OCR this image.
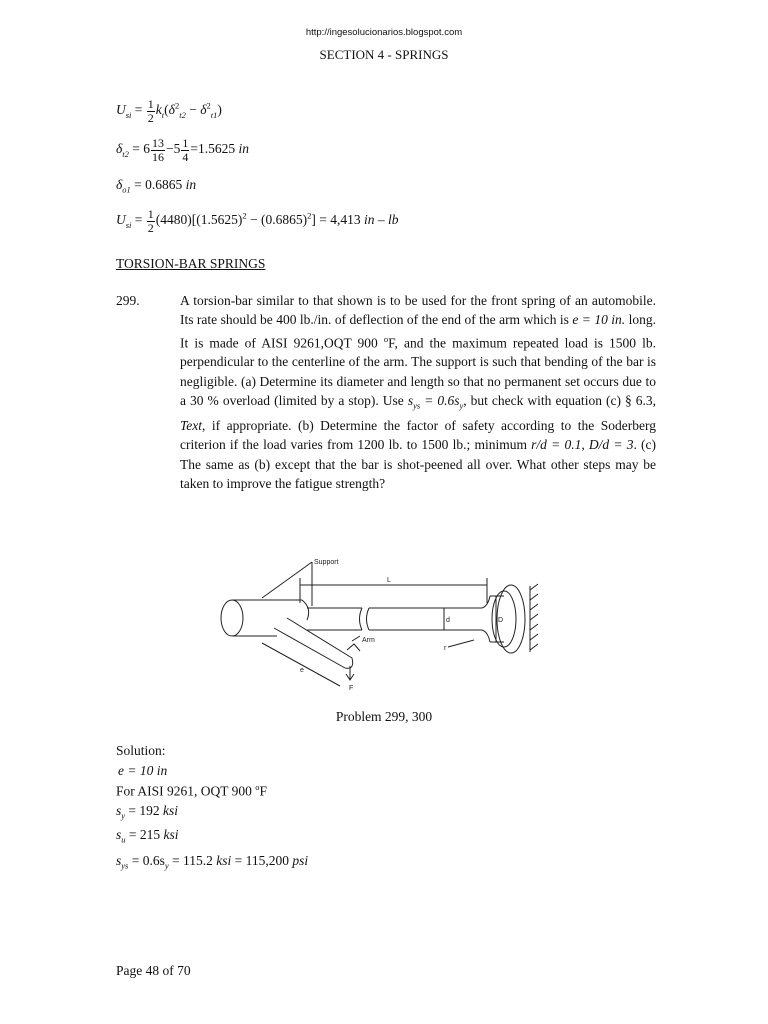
http://ingesolucionarios.blogspot.com
SECTION 4 - SPRINGS
$U_{si} = \frac{1}{2} k_t(\delta^2_{t2} - \delta^2_{t1})$
$\delta_{t2} = 6 \frac{13}{16} -5 \frac{1}{4} =1.5625$ in
$\delta_{o1} = 0.6865$ in
$U_{si} = \frac{1}{2} (4480)[(1.5625)^2 - (0.6865)^2] = 4,413$ in – lb
TORSION-BAR SPRINGS
299.	A torsion-bar similar to that shown is to be used for the front spring of an automobile. Its rate should be 400 lb./in. of deflection of the end of the arm which is e = 10 in. long. It is made of AISI 9261,OQT 900 $^o$F, and the maximum repeated load is 1500 lb. perpendicular to the centerline of the arm. The support is such that bending of the bar is negligible. (a) Determine its diameter and length so that no permanent set occurs due to a 30 % overload (limited by a stop). Use $s_{ys} = 0.6s_y$, but check with equation (c) § 6.3, Text, if appropriate. (b) Determine the factor of safety according to the Soderberg criterion if the load varies from 1200 lb. to 1500 lb.; minimum r/d = 0.1, D/d = 3. (c) The same as (b) except that the bar is shot-peened all over. What other steps may be taken to improve the fatigue strength?
Support
L
d	D
Arm
r
e
F
Problem 299, 300
Solution:
e = 10 in
For AISI 9261, OQT 900 $^o$F
$s_y = 192$ ksi
$s_u = 215$ ksi
$s_{ys} = 0.6s_y = 115.2$ ksi = 115,200 psi
Page 48 of 70
